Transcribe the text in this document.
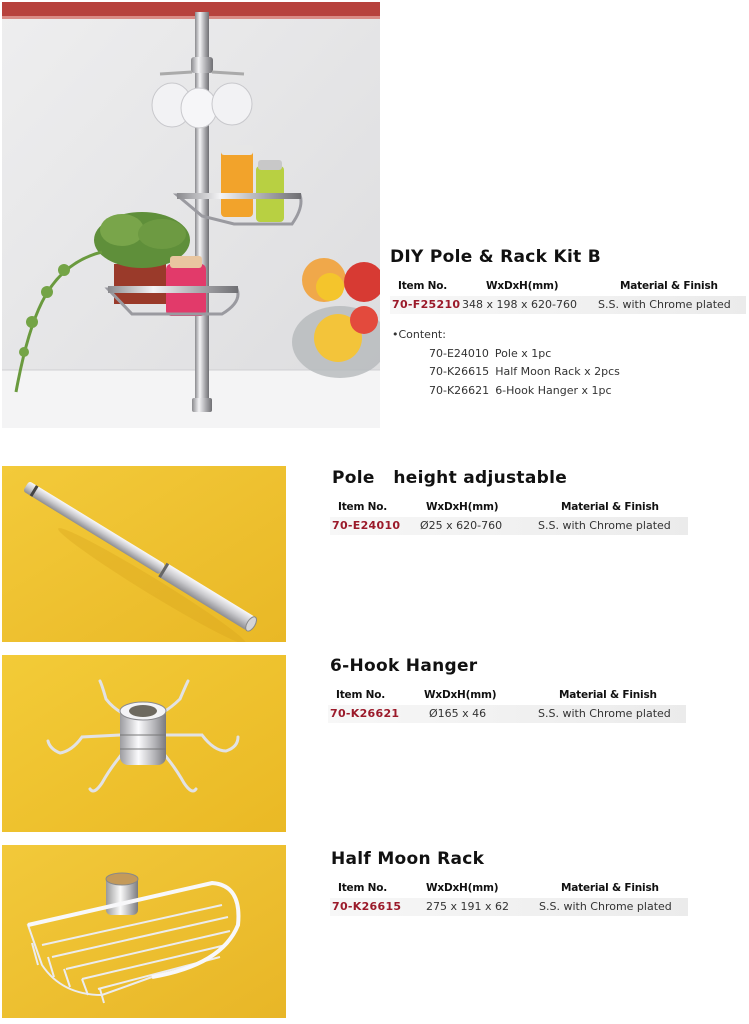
DIY Pole & Rack Kit B
Item No.	WxDxH(mm)	Material & Finish
70-F25210 348 x 198 x 620-760 S.S. with Chrome plated
•Content:
70-E24010 Pole x 1pc
70-K26615 Half Moon Rack x 2pcs
70-K26621 6-Hook Hanger x 1pc
Pole   height adjustable
Item No.	WxDxH(mm)	Material & Finish
70-E24010 Ø25 x 620-760	S.S. with Chrome plated
6-Hook Hanger
Item No.	WxDxH(mm)	Material & Finish
70-K26621	Ø165 x 46	S.S. with Chrome plated
Half Moon Rack
Item No.	WxDxH(mm)	Material & Finish
70-K26615 275 x 191 x 62	S.S. with Chrome plated
